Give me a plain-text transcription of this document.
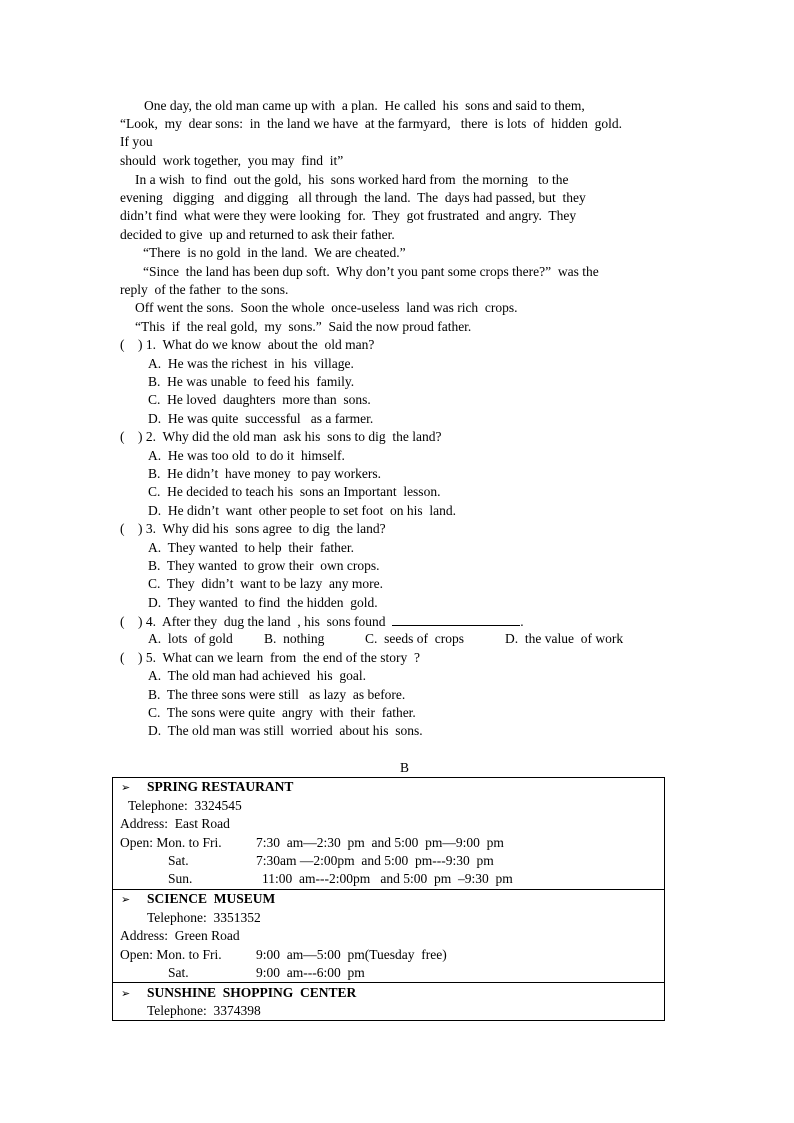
One day, the old man came up with  a plan.  He called  his  sons and said to them,
“Look,  my  dear sons:  in  the land we have  at the farmyard,   there  is lots  of  hidden  gold.
If you
should  work together,  you may  find  it”
In a wish  to find  out the gold,  his  sons worked hard from  the morning   to the
evening   digging   and digging   all through  the land.  The  days had passed, but  they
didn’t find  what were they were looking  for.  They  got frustrated  and angry.  They
decided to give  up and returned to ask their father.
“There  is no gold  in the land.  We are cheated.”
“Since  the land has been dup soft.  Why don’t you pant some crops there?”  was the
reply  of the father  to the sons.
Off went the sons.  Soon the whole  once-useless  land was rich  crops.
“This  if  the real gold,  my  sons.”  Said the now proud father.
(    ) 1.  What do we know  about the  old man?
A.  He was the richest  in  his  village.
B.  He was unable  to feed his  family.
C.  He loved  daughters  more than  sons.
D.  He was quite  successful   as a farmer.
(    ) 2.  Why did the old man  ask his  sons to dig  the land?
A.  He was too old  to do it  himself.
B.  He didn’t  have money  to pay workers.
C.  He decided to teach his  sons an Important  lesson.
D.  He didn’t  want  other people to set foot  on his  land.
(    ) 3.  Why did his  sons agree  to dig  the land?
A.  They wanted  to help  their  father.
B.  They wanted  to grow their  own crops.
C.  They  didn’t  want to be lazy  any more.
D.  They wanted  to find  the hidden  gold.
(    ) 4.  After they  dug the land  , his  sons found	.
A.  lots  of gold B.  nothing	C.  seeds of  crops	D.  the value  of work
(    ) 5.  What can we learn  from  the end of the story  ?
A.  The old man had achieved  his  goal.
B.  The three sons were still   as lazy  as before.
C.  The sons were quite  angry  with  their  father.
D.  The old man was still  worried  about his  sons.
B
➢ SPRING RESTAURANT
Telephone:  3324545
Address:  East Road
Open: Mon. to Fri.	7:30  am—2:30  pm  and 5:00  pm—9:00  pm
Sat.	7:30am —2:00pm  and 5:00  pm---9:30  pm
Sun.	11:00  am---2:00pm   and 5:00  pm  –9:30  pm
➢ SCIENCE  MUSEUM
Telephone:  3351352
Address:  Green Road
Open: Mon. to Fri.	9:00  am—5:00  pm(Tuesday  free)
Sat.	9:00  am---6:00  pm
➢ SUNSHINE  SHOPPING  CENTER
Telephone:  3374398
